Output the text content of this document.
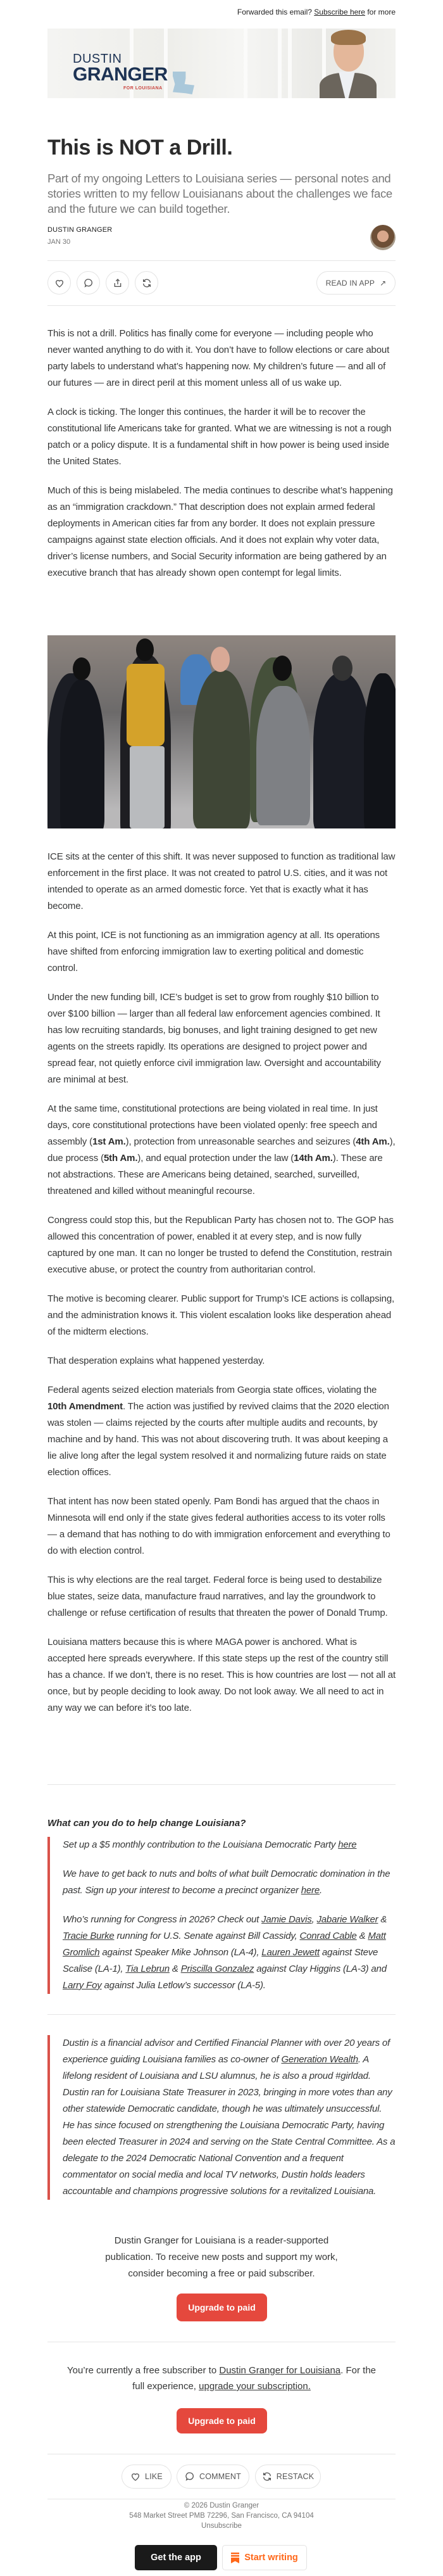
Forwarded this email? Subscribe here for more
DUSTIN
GRANGER
FOR LOUISIANA
This is NOT a Drill.
Part of my ongoing Letters to Louisiana series — personal notes and stories written to my fellow Louisianans about the challenges we face and the future we can build together.
DUSTIN GRANGER
JAN 30
READ IN APP ↗

This is not a drill. Politics has finally come for everyone — including people who never wanted anything to do with it. You don’t have to follow elections or care about party labels to understand what’s happening now. My children’s future — and all of our futures — are in direct peril at this moment unless all of us wake up.

A clock is ticking. The longer this continues, the harder it will be to recover the constitutional life Americans take for granted. What we are witnessing is not a rough patch or a policy dispute. It is a fundamental shift in how power is being used inside the United States.

Much of this is being mislabeled. The media continues to describe what’s happening as an “immigration crackdown.” That description does not explain armed federal deployments in American cities far from any border. It does not explain pressure campaigns against state election officials. And it does not explain why voter data, driver’s license numbers, and Social Security information are being gathered by an executive branch that has already shown open contempt for legal limits.

ICE sits at the center of this shift. It was never supposed to function as traditional law enforcement in the first place. It was not created to patrol U.S. cities, and it was not intended to operate as an armed domestic force. Yet that is exactly what it has become.

At this point, ICE is not functioning as an immigration agency at all. Its operations have shifted from enforcing immigration law to exerting political and domestic control.

Under the new funding bill, ICE’s budget is set to grow from roughly $10 billion to over $100 billion — larger than all federal law enforcement agencies combined. It has low recruiting standards, big bonuses, and light training designed to get new agents on the streets rapidly. Its operations are designed to project power and spread fear, not quietly enforce civil immigration law. Oversight and accountability are minimal at best.

At the same time, constitutional protections are being violated in real time. In just days, core constitutional protections have been violated openly: free speech and assembly (1st Am.), protection from unreasonable searches and seizures (4th Am.), due process (5th Am.), and equal protection under the law (14th Am.). These are not abstractions. These are Americans being detained, searched, surveilled, threatened and killed without meaningful recourse.

Congress could stop this, but the Republican Party has chosen not to. The GOP has allowed this concentration of power, enabled it at every step, and is now fully captured by one man. It can no longer be trusted to defend the Constitution, restrain executive abuse, or protect the country from authoritarian control.

The motive is becoming clearer. Public support for Trump’s ICE actions is collapsing, and the administration knows it. This violent escalation looks like desperation ahead of the midterm elections.

That desperation explains what happened yesterday.

Federal agents seized election materials from Georgia state offices, violating the 10th Amendment. The action was justified by revived claims that the 2020 election was stolen — claims rejected by the courts after multiple audits and recounts, by machine and by hand. This was not about discovering truth. It was about keeping a lie alive long after the legal system resolved it and normalizing future raids on state election offices.

That intent has now been stated openly. Pam Bondi has argued that the chaos in Minnesota will end only if the state gives federal authorities access to its voter rolls — a demand that has nothing to do with immigration enforcement and everything to do with election control.

This is why elections are the real target. Federal force is being used to destabilize blue states, seize data, manufacture fraud narratives, and lay the groundwork to challenge or refuse certification of results that threaten the power of Donald Trump.

Louisiana matters because this is where MAGA power is anchored. What is accepted here spreads everywhere. If this state steps up the rest of the country still has a chance. If we don’t, there is no reset. This is how countries are lost — not all at once, but by people deciding to look away. Do not look away. We all need to act in any way we can before it’s too late.

What can you do to help change Louisiana?

Set up a $5 monthly contribution to the Louisiana Democratic Party here

We have to get back to nuts and bolts of what built Democratic domination in the past. Sign up your interest to become a precinct organizer here.

Who’s running for Congress in 2026? Check out Jamie Davis, Jabarie Walker & Tracie Burke running for U.S. Senate against Bill Cassidy, Conrad Cable & Matt Gromlich against Speaker Mike Johnson (LA-4), Lauren Jewett against Steve Scalise (LA-1), Tia Lebrun & Priscilla Gonzalez against Clay Higgins (LA-3) and Larry Foy against Julia Letlow’s successor (LA-5).

Dustin is a financial advisor and Certified Financial Planner with over 20 years of experience guiding Louisiana families as co-owner of Generation Wealth. A lifelong resident of Louisiana and LSU alumnus, he is also a proud #girldad. Dustin ran for Louisiana State Treasurer in 2023, bringing in more votes than any other statewide Democratic candidate, though he was ultimately unsuccessful. He has since focused on strengthening the Louisiana Democratic Party, having been elected Treasurer in 2024 and serving on the State Central Committee. As a delegate to the 2024 Democratic National Convention and a frequent commentator on social media and local TV networks, Dustin holds leaders accountable and champions progressive solutions for a revitalized Louisiana.

Dustin Granger for Louisiana is a reader-supported publication. To receive new posts and support my work, consider becoming a free or paid subscriber.
Upgrade to paid
You’re currently a free subscriber to Dustin Granger for Louisiana. For the full experience, upgrade your subscription.
Upgrade to paid
LIKE	COMMENT	RESTACK
© 2026 Dustin Granger
548 Market Street PMB 72296, San Francisco, CA 94104
Unsubscribe
Get the app	Start writing
